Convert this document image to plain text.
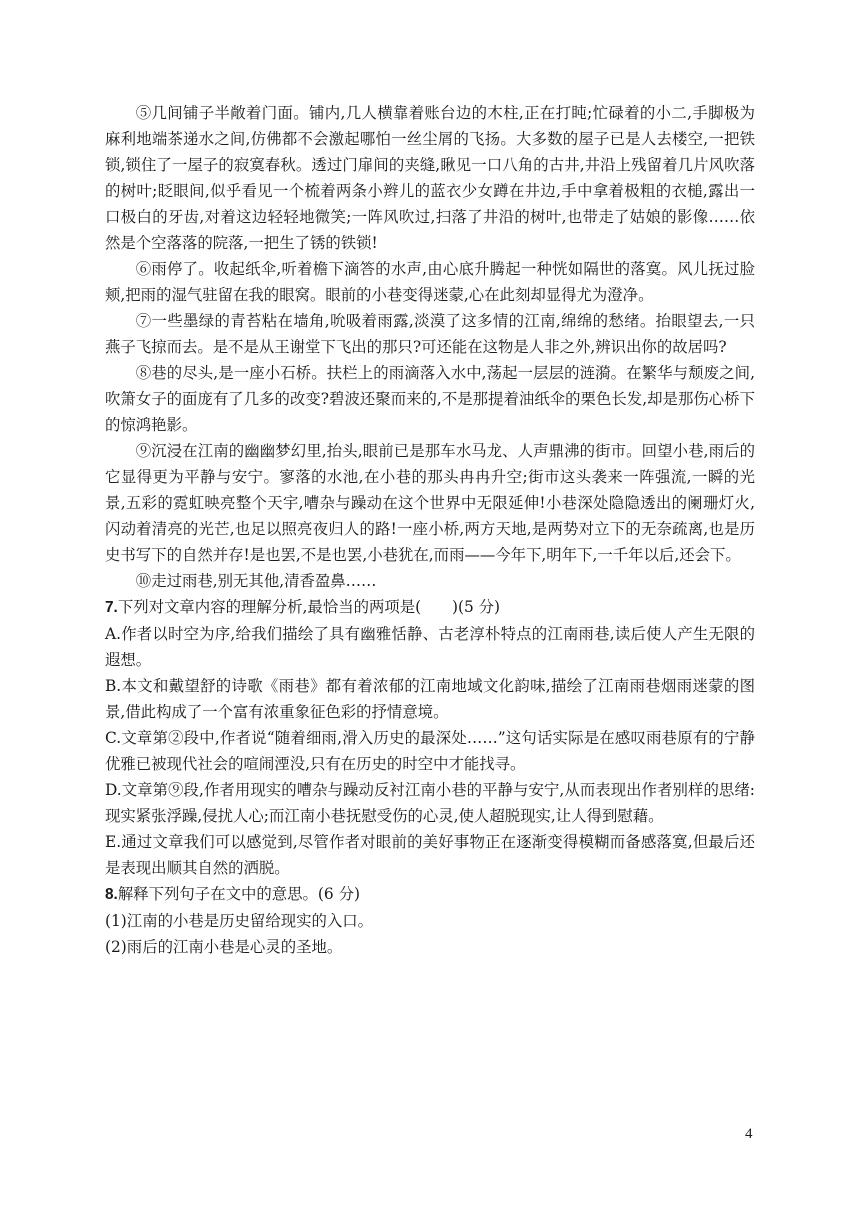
⑤几间铺子半敞着门面。铺内,几人横靠着账台边的木柱,正在打盹;忙碌着的小二,手脚极为麻利地端茶递水之间,仿佛都不会激起哪怕一丝尘屑的飞扬。大多数的屋子已是人去楼空,一把铁锁,锁住了一屋子的寂寞春秋。透过门扉间的夹缝,瞅见一口八角的古井,井沿上残留着几片风吹落的树叶;眨眼间,似乎看见一个梳着两条小辫儿的蓝衣少女蹲在井边,手中拿着极粗的衣槌,露出一口极白的牙齿,对着这边轻轻地微笑;一阵风吹过,扫落了井沿的树叶,也带走了姑娘的影像……依然是个空落落的院落,一把生了锈的铁锁!

⑥雨停了。收起纸伞,听着檐下滴答的水声,由心底升腾起一种恍如隔世的落寞。风儿抚过脸颊,把雨的湿气驻留在我的眼窝。眼前的小巷变得迷蒙,心在此刻却显得尤为澄净。

⑦一些墨绿的青苔粘在墙角,吮吸着雨露,淡漠了这多情的江南,绵绵的愁绪。抬眼望去,一只燕子飞掠而去。是不是从王谢堂下飞出的那只?可还能在这物是人非之外,辨识出你的故居吗?

⑧巷的尽头,是一座小石桥。扶栏上的雨滴落入水中,荡起一层层的涟漪。在繁华与颓废之间,吹箫女子的面庞有了几多的改变?碧波还聚而来的,不是那提着油纸伞的栗色长发,却是那伤心桥下的惊鸿艳影。

⑨沉浸在江南的幽幽梦幻里,抬头,眼前已是那车水马龙、人声鼎沸的街市。回望小巷,雨后的它显得更为平静与安宁。寥落的水池,在小巷的那头冉冉升空;街市这头袭来一阵强流,一瞬的光景,五彩的霓虹映亮整个天宇,嘈杂与躁动在这个世界中无限延伸!小巷深处隐隐透出的阑珊灯火,闪动着清亮的光芒,也足以照亮夜归人的路!一座小桥,两方天地,是两势对立下的无奈疏离,也是历史书写下的自然并存!是也罢,不是也罢,小巷犹在,而雨——今年下,明年下,一千年以后,还会下。

⑩走过雨巷,别无其他,清香盈鼻……

7.下列对文章内容的理解分析,最恰当的两项是(　　)(5 分)

A.作者以时空为序,给我们描绘了具有幽雅恬静、古老淳朴特点的江南雨巷,读后使人产生无限的遐想。

B.本文和戴望舒的诗歌《雨巷》都有着浓郁的江南地域文化韵味,描绘了江南雨巷烟雨迷蒙的图景,借此构成了一个富有浓重象征色彩的抒情意境。

C.文章第②段中,作者说“随着细雨,滑入历史的最深处……”这句话实际是在感叹雨巷原有的宁静优雅已被现代社会的喧闹湮没,只有在历史的时空中才能找寻。

D.文章第⑨段,作者用现实的嘈杂与躁动反衬江南小巷的平静与安宁,从而表现出作者别样的思绪:现实紧张浮躁,侵扰人心;而江南小巷抚慰受伤的心灵,使人超脱现实,让人得到慰藉。

E.通过文章我们可以感觉到,尽管作者对眼前的美好事物正在逐渐变得模糊而备感落寞,但最后还是表现出顺其自然的洒脱。

8.解释下列句子在文中的意思。(6 分)

(1)江南的小巷是历史留给现实的入口。

(2)雨后的江南小巷是心灵的圣地。

4
